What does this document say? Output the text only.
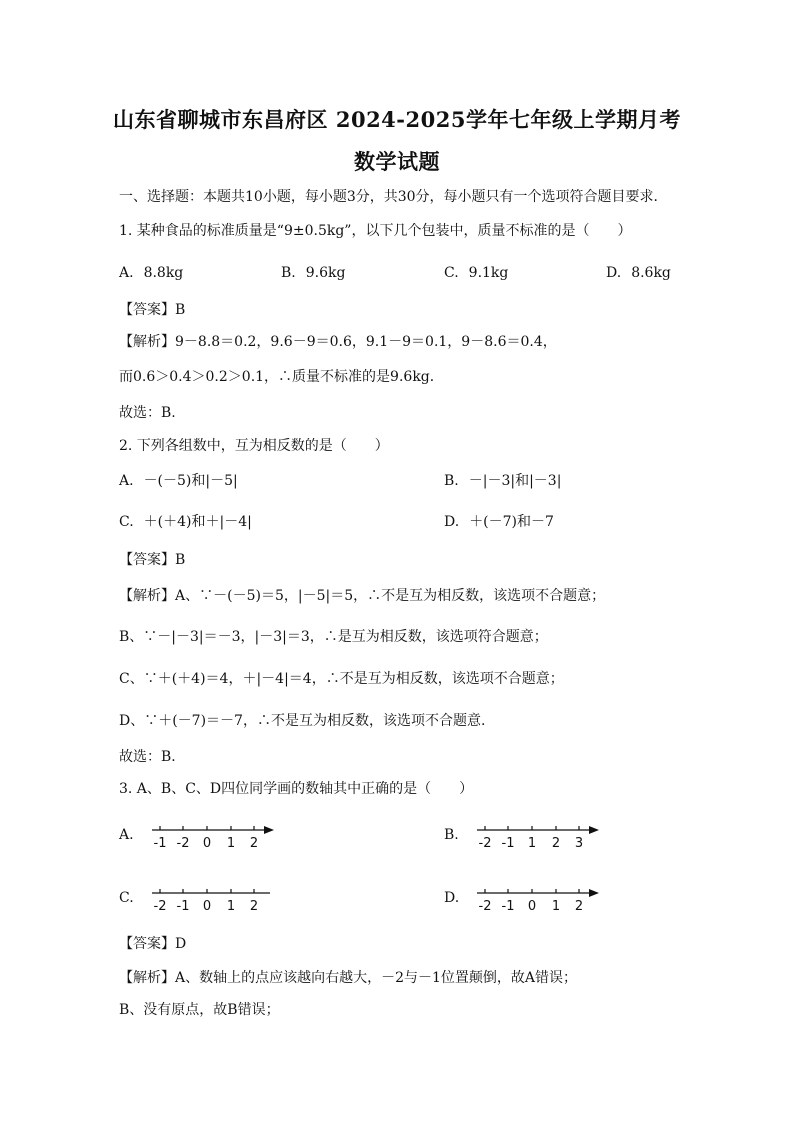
山东省聊城市东昌府区 2024-2025学年七年级上学期月考
数学试题
一、选择题：本题共10小题，每小题3分，共30分，每小题只有一个选项符合题目要求．
1. 某种食品的标准质量是“9±0.5kg”，以下几个包装中，质量不标准的是（　　）
A. 8.8kg	B. 9.6kg	C. 9.1kg	D. 8.6kg
【答案】B
【解析】9－8.8＝0.2，9.6－9＝0.6，9.1－9＝0.1，9－8.6＝0.4，
而0.6＞0.4＞0.2＞0.1，∴质量不标准的是9.6kg．
故选：B.
2. 下列各组数中，互为相反数的是（　　）
A. －(－5)和|－5|	B. －|－3|和|－3|
C. ＋(＋4)和＋|－4|	D. ＋(－7)和－7
【答案】B
【解析】A、∵－(－5)＝5，|－5|＝5，∴不是互为相反数，该选项不合题意；
B、∵－|－3|＝－3，|－3|＝3，∴是互为相反数，该选项符合题意；
C、∵＋(＋4)＝4，＋|－4|＝4，∴不是互为相反数，该选项不合题意；
D、∵＋(－7)＝－7，∴不是互为相反数，该选项不合题意.
故选：B．
3. A、B、C、D四位同学画的数轴其中正确的是（　　）
A.
-1 -2 0 1 2
B.
-2 -1 1 2 3
C.
-2 -1 0 1 2
D.
-2 -1 0 1 2
【答案】D
【解析】A、数轴上的点应该越向右越大，－2与－1位置颠倒，故A错误；
B、没有原点，故B错误；
